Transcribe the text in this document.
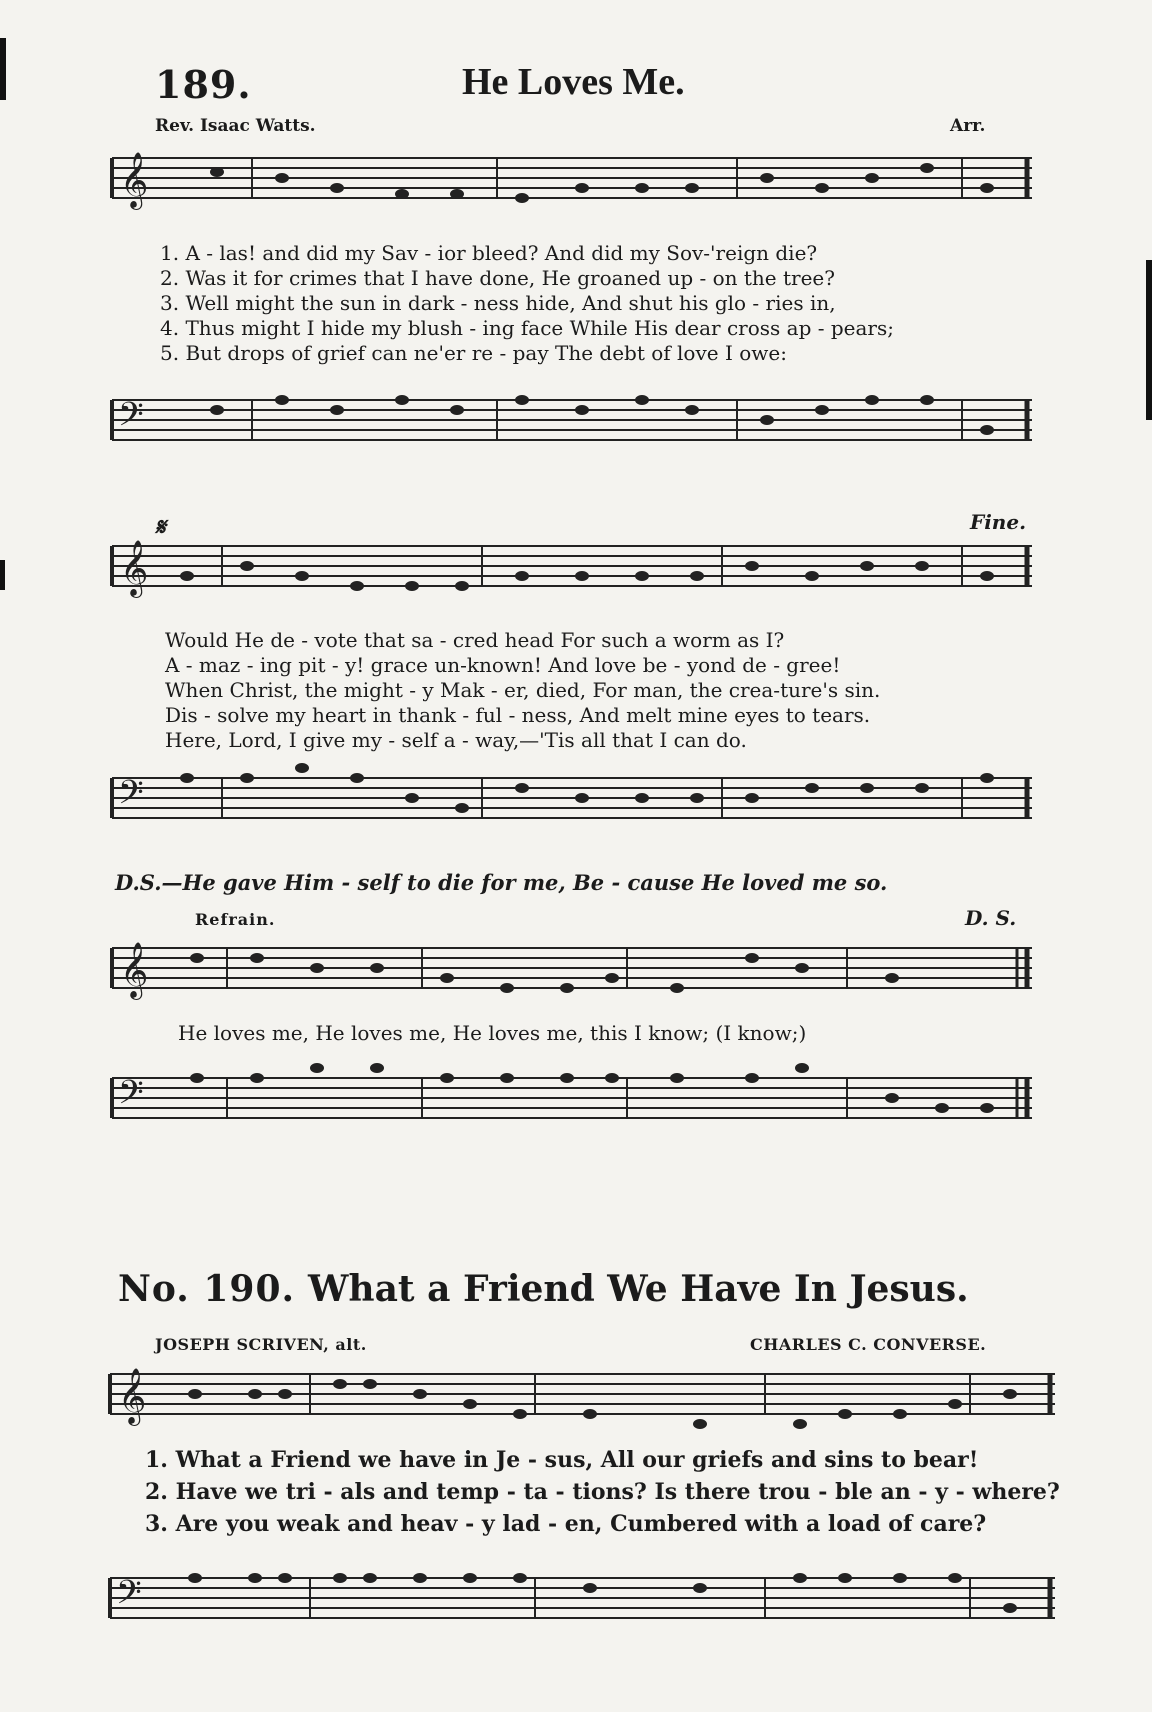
189.	He Loves Me.
Rev. Isaac Watts.	Arr.
𝄞
1. A - las! and did my Sav - ior bleed? And did my Sov-'reign die?
2. Was it for crimes that I have done, He groaned up - on the tree?
3. Well might the sun in dark - ness hide, And shut his glo - ries in,
4. Thus might I hide my blush - ing face While His dear cross ap - pears;
5. But drops of grief can ne'er re - pay The debt of love I owe:
𝄢
𝄋	Fine.
𝄞
Would He de - vote that sa - cred head For such a worm as I?
A - maz - ing pit - y! grace un-known! And love be - yond de - gree!
When Christ, the might - y Mak - er, died, For man, the crea-ture's sin.
Dis - solve my heart in thank - ful - ness, And melt mine eyes to tears.
Here, Lord, I give my - self a - way,—'Tis all that I can do.
𝄢
D.S.—He gave Him - self to die for me, Be - cause He loved me so.
Refrain.	D. S.
𝄞
He loves me, He loves me, He loves me, this I know; (I know;)
𝄢
No. 190. What a Friend We Have In Jesus.
JOSEPH SCRIVEN, alt.	CHARLES C. CONVERSE.
𝄞
1. What a Friend we have in Je - sus, All our griefs and sins to bear!
2. Have we tri - als and temp - ta - tions? Is there trou - ble an - y - where?
3. Are you weak and heav - y lad - en, Cumbered with a load of care?
𝄢
